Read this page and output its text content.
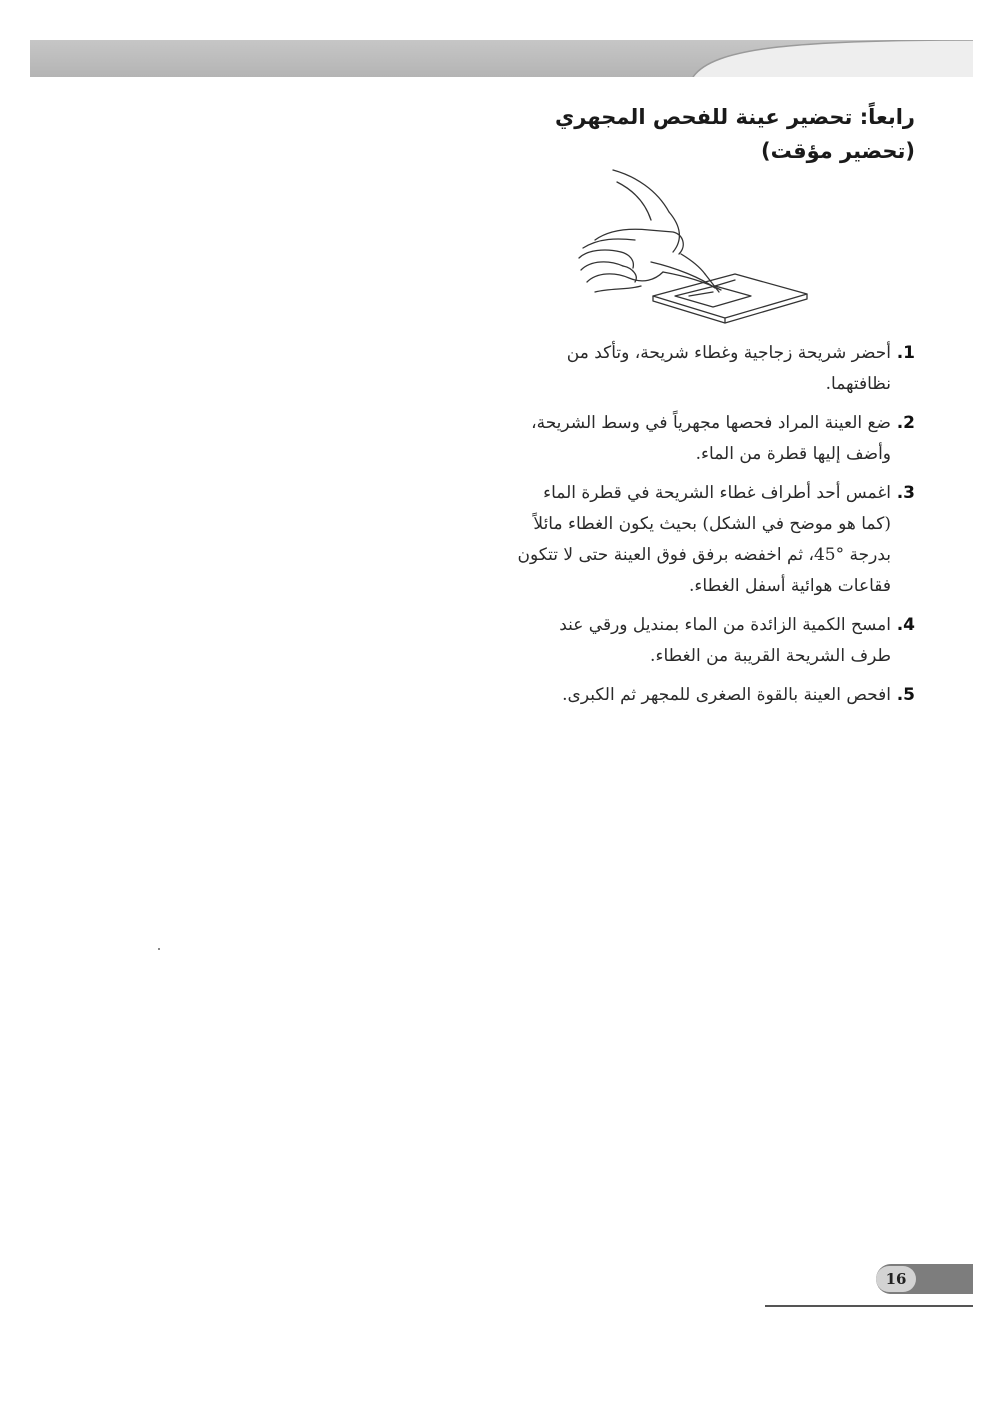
رابعاً: تحضير عينة للفحص المجهري (تحضير مؤقت)
1.
أحضر شريحة زجاجية وغطاء شريحة، وتأكد من نظافتهما.
2.
ضع العينة المراد فحصها مجهرياً في وسط الشريحة، وأضف إليها قطرة من الماء.
3.
اغمس أحد أطراف غطاء الشريحة في قطرة الماء (كما هو موضح في الشكل) بحيث يكون الغطاء مائلاً بدرجة °45، ثم اخفضه برفق فوق العينة حتى لا تتكون فقاعات هوائية أسفل الغطاء.
4.
امسح الكمية الزائدة من الماء بمنديل ورقي عند طرف الشريحة القريبة من الغطاء.
5.
افحص العينة بالقوة الصغرى للمجهر ثم الكبرى.
16
